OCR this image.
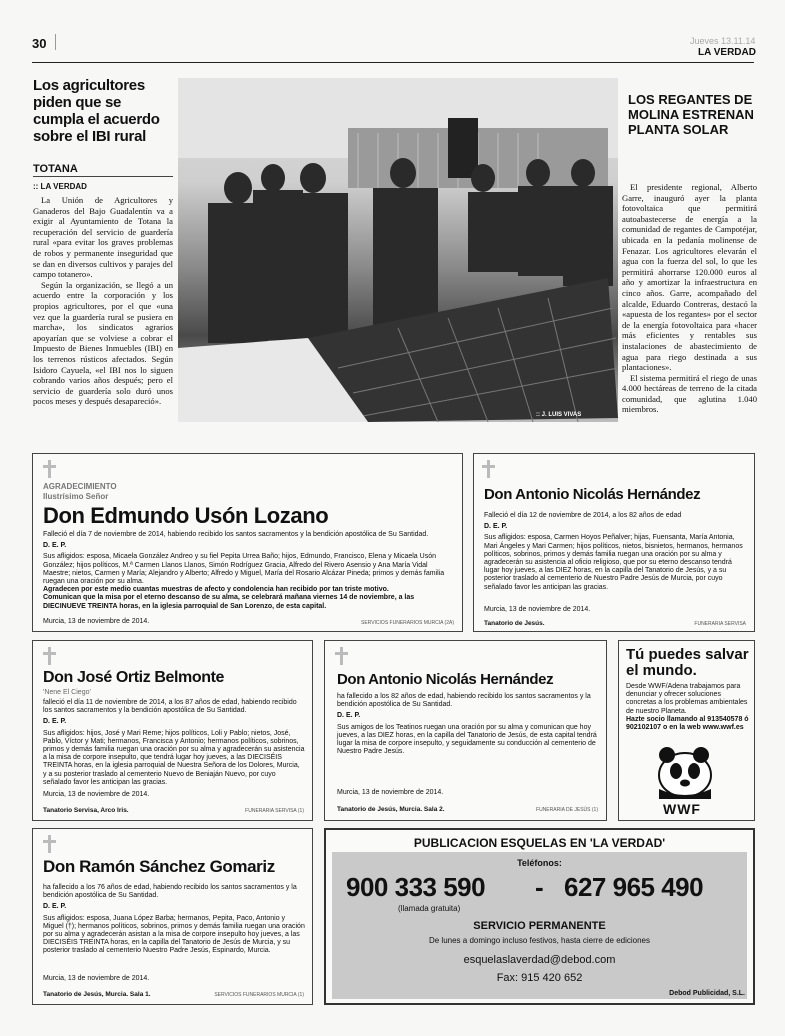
30	Jueves 13.11.14
LA VERDAD
Los agricultores piden que se cumpla el acuerdo sobre el IBI rural
TOTANA
:: LA VERDAD

La Unión de Agricultores y Ganaderos del Bajo Guadalentín va a exigir al Ayuntamiento de Totana la recuperación del servicio de guardería rural «para evitar los graves problemas de robos y permanente inseguridad que se dan en diversos cultivos y parajes del campo totanero».

Según la organización, se llegó a un acuerdo entre la corporación y los propios agricultores, por el que «una vez que la guardería rural se pusiera en marcha», los sindicatos agrarios apoyarían que se volviese a cobrar el Impuesto de Bienes Inmuebles (IBI) en los terrenos rústicos afectados. Según Isidoro Cayuela, «el IBI nos lo siguen cobrando varios años después; pero el servicio de guardería solo duró unos pocos meses y después desapareció».

:: J. LUIS VIVAS
LOS REGANTES DE MOLINA ESTRENAN PLANTA SOLAR

El presidente regional, Alberto Garre, inauguró ayer la planta fotovoltaica que permitirá autoabastecerse de energía a la comunidad de regantes de Campotéjar, ubicada en la pedanía molinense de Fenazar. Los agricultores elevarán el agua con la fuerza del sol, lo que les permitirá ahorrarse 120.000 euros al año y amortizar la infraestructura en cinco años. Garre, acompañado del alcalde, Eduardo Contreras, destacó la «apuesta de los regantes» por el sector de la energía fotovoltaica para «hacer más eficientes y rentables sus instalaciones de abastecimiento de agua para riego destinada a sus plantaciones».

El sistema permitirá el riego de unas 4.000 hectáreas de terreno de la citada comunidad, que aglutina 1.040 miembros.

AGRADECIMIENTO
Ilustrísimo Señor
Don Edmundo Usón Lozano

Falleció el día 7 de noviembre de 2014, habiendo recibido los santos sacramentos y la bendición apostólica de Su Santidad.

D. E. P.

Sus afligidos: esposa, Micaela González Andreo y su fiel Pepita Urrea Baño; hijos, Edmundo, Francisco, Elena y Micaela Usón González; hijos políticos, M.ª Carmen Llanos Llanos, Simón Rodríguez Gracia, Alfredo del Rivero Asensio y Ana María Vidal Maestre; nietos, Carmen y María; Alejandro y Alberto; Alfredo y Miguel, María del Rosario Alcázar Pineda; primos y demás familia ruegan una oración por su alma.

Agradecen por este medio cuantas muestras de afecto y condolencia han recibido por tan triste motivo.

Comunican que la misa por el eterno descanso de su alma, se celebrará mañana viernes 14 de noviembre, a las DIECINUEVE TREINTA horas, en la iglesia parroquial de San Lorenzo, de esta capital.

Murcia, 13 de noviembre de 2014.	SERVICIOS FUNERARIOS MURCIA (2A)
Don Antonio Nicolás Hernández

Falleció el día 12 de noviembre de 2014, a los 82 años de edad

D. E. P.

Sus afligidos: esposa, Carmen Hoyos Peñalver; hijas, Fuensanta, María Antonia, Mari Ángeles y Mari Carmen; hijos políticos, nietos, bisnietos, hermanos, hermanos políticos, sobrinos, primos y demás familia ruegan una oración por su alma y agradecerán su asistencia al oficio religioso, que por su eterno descanso tendrá lugar hoy jueves, a las DIEZ horas, en la capilla del Tanatorio de Jesús, y a su posterior traslado al cementerio de Nuestro Padre Jesús de Murcia, por cuyo señalado favor les anticipan las gracias.

Murcia, 13 de noviembre de 2014.
Tanatorio de Jesús.	FUNERARIA SERVISA
Don José Ortiz Belmonte
'Nene El Ciego'

falleció el día 11 de noviembre de 2014, a los 87 años de edad, habiendo recibido los santos sacramentos y la bendición apostólica de Su Santidad.

D. E. P.

Sus afligidos: hijos, José y Mari Reme; hijos políticos, Loli y Pablo; nietos, José, Pablo, Víctor y Mati; hermanos, Francisca y Antonio; hermanos políticos, sobrinos, primos y demás familia ruegan una oración por su alma y agradecerán su asistencia a la misa de corpore insepulto, que tendrá lugar hoy jueves, a las DIECISÉIS TREINTA horas, en la iglesia parroquial de Nuestra Señora de los Dolores, Murcia, y a su posterior traslado al cementerio Nuevo de Beniaján Nuevo, por cuyo señalado favor les anticipan las gracias.

Murcia, 13 de noviembre de 2014.
Tanatorio Servisa, Arco Iris.	FUNERARIA SERVISA (1)
Don Antonio Nicolás Hernández

ha fallecido a los 82 años de edad, habiendo recibido los santos sacramentos y la bendición apostólica de Su Santidad.

D. E. P.

Sus amigos de los Teatinos ruegan una oración por su alma y comunican que hoy jueves, a las DIEZ horas, en la capilla del Tanatorio de Jesús, de esta capital tendrá lugar la misa de corpore insepulto, y seguidamente su conducción al cementerio de Nuestro Padre Jesús.

Murcia, 13 de noviembre de 2014.
Tanatorio de Jesús, Murcia. Sala 2.	FUNERARIA DE JESÚS (1)
Tú puedes salvar el mundo.
Desde WWF/Adena trabajamos para denunciar y ofrecer soluciones concretas a los problemas ambientales de nuestro Planeta.
Hazte socio llamando al 913540578 ó 902102107 o en la web www.wwf.es
WWF
Don Ramón Sánchez Gomariz

ha fallecido a los 76 años de edad, habiendo recibido los santos sacramentos y la bendición apostólica de Su Santidad.

D. E. P.

Sus afligidos: esposa, Juana López Barba; hermanos, Pepita, Paco, Antonio y Miguel (†); hermanos políticos, sobrinos, primos y demás familia ruegan una oración por su alma y agradecerán asistan a la misa de corpore insepulto hoy jueves, a las DIECISÉIS TREINTA horas, en la capilla del Tanatorio de Jesús de Murcia, y su posterior traslado al cementerio Nuestro Padre Jesús, Espinardo, Murcia.

Murcia, 13 de noviembre de 2014.
Tanatorio de Jesús, Murcia. Sala 1.	SERVICIOS FUNERARIOS MURCIA (1)
PUBLICACION ESQUELAS EN 'LA VERDAD'
Teléfonos:
900 333 590 - 627 965 490
(llamada gratuita)
SERVICIO PERMANENTE
De lunes a domingo incluso festivos, hasta cierre de ediciones
esquelaslaverdad@debod.com
Fax: 915 420 652
Debod Publicidad, S.L.
